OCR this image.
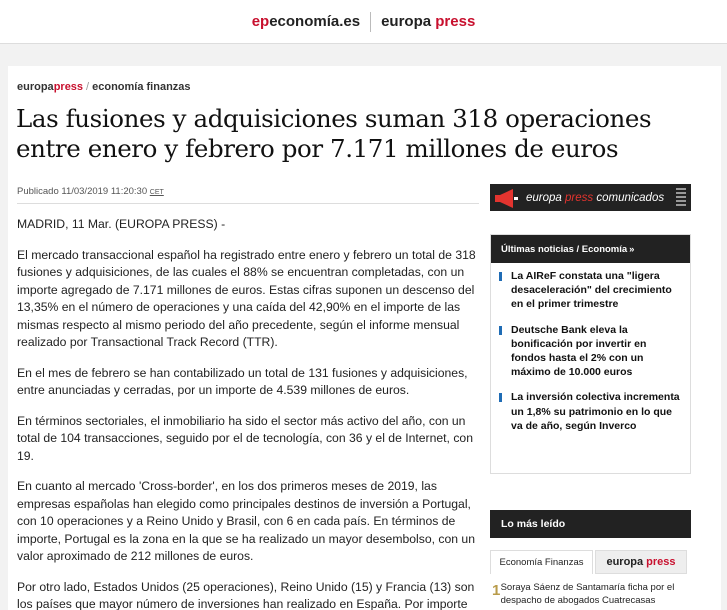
epeconomía.es europa press
europapress / economía finanzas
Las fusiones y adquisiciones suman 318 operaciones entre enero y febrero por 7.171 millones de euros
Publicado 11/03/2019 11:20:30 CET

MADRID, 11 Mar. (EUROPA PRESS) -

El mercado transaccional español ha registrado entre enero y febrero un total de 318 fusiones y adquisiciones, de las cuales el 88% se encuentran completadas, con un importe agregado de 7.171 millones de euros. Estas cifras suponen un descenso del 13,35% en el número de operaciones y una caída del 42,90% en el importe de las mismas respecto al mismo periodo del año precedente, según el informe mensual realizado por Transactional Track Record (TTR).

En el mes de febrero se han contabilizado un total de 131 fusiones y adquisiciones, entre anunciadas y cerradas, por un importe de 4.539 millones de euros.

En términos sectoriales, el inmobiliario ha sido el sector más activo del año, con un total de 104 transacciones, seguido por el de tecnología, con 36 y el de Internet, con 19.

En cuanto al mercado 'Cross-border', en los dos primeros meses de 2019, las empresas españolas han elegido como principales destinos de inversión a Portugal, con 10 operaciones y a Reino Unido y Brasil, con 6 en cada país. En términos de importe, Portugal es la zona en la que se ha realizado un mayor desembolso, con un valor aproximado de 212 millones de euros.

Por otro lado, Estados Unidos (25 operaciones), Reino Unido (15) y Francia (13) son los países que mayor número de inversiones han realizado en España. Por importe

europa press comunicados
Últimas noticias / Economía »
La AIReF constata una "ligera desaceleración" del crecimiento en el primer trimestre
Deutsche Bank eleva la bonificación por invertir en fondos hasta el 2% con un máximo de 10.000 euros
La inversión colectiva incrementa un 1,8% su patrimonio en lo que va de año, según Inverco
Lo más leído
Economía Finanzas	europa press
1 Soraya Sáenz de Santamaría ficha por el despacho de abogados Cuatrecasas
